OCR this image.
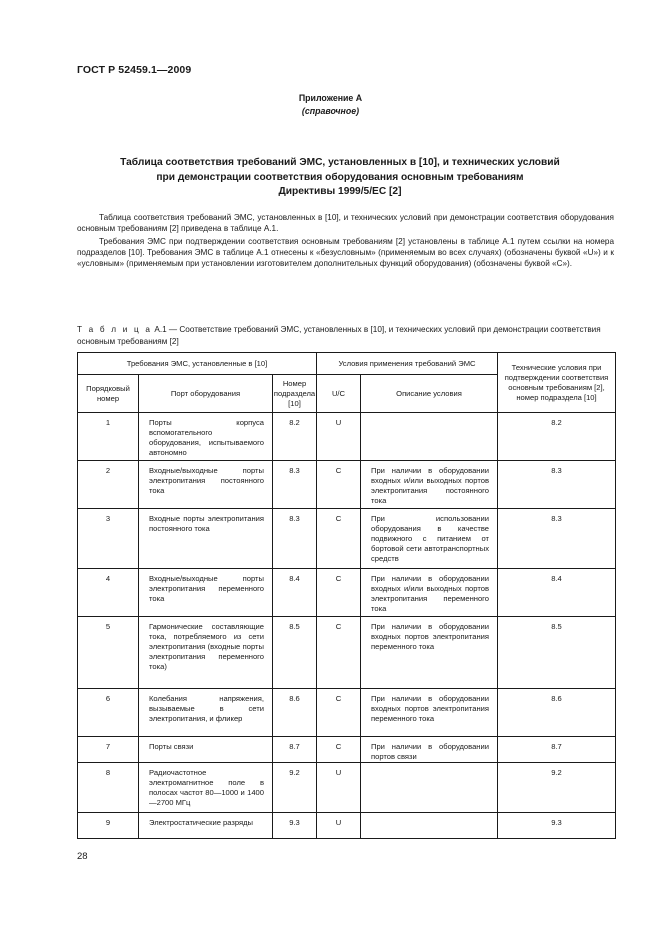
ГОСТ Р 52459.1—2009
Приложение А
(справочное)
Таблица соответствия требований ЭМС, установленных в [10], и технических условий
при демонстрации соответствия оборудования основным требованиям
Директивы 1999/5/ЕС [2]
Таблица соответствия требований ЭМС, установленных в [10], и технических условий при демонстрации соответствия оборудования основным требованиям [2] приведена в таблице А.1.
Требования ЭМС при подтверждении соответствия основным требованиям [2] установлены в таблице А.1 путем ссылки на номера подразделов [10]. Требования ЭМС в таблице А.1 отнесены к «безусловным» (применяемым во всех случаях) (обозначены буквой «U») и к «условным» (применяемым при установлении изготовителем дополнительных функций оборудования) (обозначены буквой «С»).
Т а б л и ц а А.1 — Соответствие требований ЭМС, установленных в [10], и технических условий при демонстрации соответствия основным требованиям [2]
Требования ЭМС, установленные в [10]			Условия применения требований ЭМС		Технические условия при подтверждении соответствия основным требованиям [2], номер подраздела [10]
Порядковый номер	Порт оборудования	Номер подраздела [10]	U/C	Описание условия	
1	Порты корпуса вспомогательного оборудования, испытываемого автономно	8.2	U		8.2
2	Входные/выходные порты электропитания постоянного тока	8.3	C	При наличии в оборудовании входных и/или выходных портов электропитания постоянного тока	8.3
3	Входные порты электропитания постоянного тока	8.3	C	При использовании оборудования в качестве подвижного с питанием от бортовой сети автотранспортных средств	8.3
4	Входные/выходные порты электропитания переменного тока	8.4	C	При наличии в оборудовании входных и/или выходных портов электропитания переменного тока	8.4
5	Гармонические составляющие тока, потребляемого из сети электропитания (входные порты электропитания переменного тока)	8.5	C	При наличии в оборудовании входных портов электропитания переменного тока	8.5
6	Колебания напряжения, вызываемые в сети электропитания, и фликер	8.6	C	При наличии в оборудовании входных портов электропитания переменного тока	8.6
7	Порты связи	8.7	C	При наличии в оборудовании портов связи	8.7
8	Радиочастотное электромагнитное поле в полосах частот 80—1000 и 1400—2700 МГц	9.2	U		9.2
9	Электростатические разряды	9.3	U		9.3
28
